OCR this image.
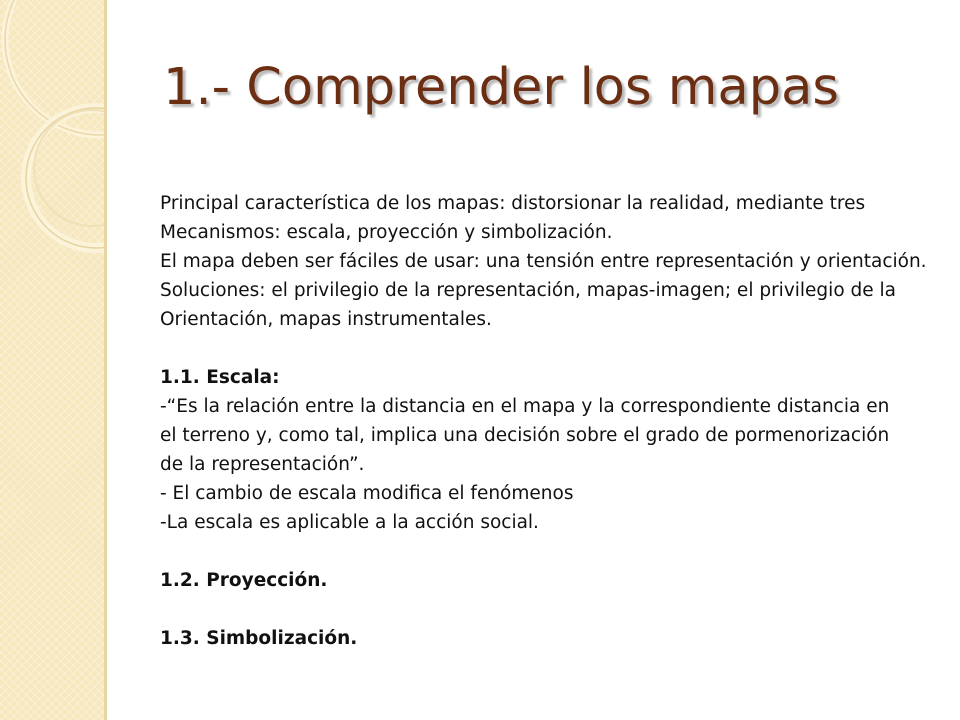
1.- Comprender los mapas
Principal característica de los mapas: distorsionar la realidad, mediante tres
Mecanismos: escala, proyección y simbolización.
El mapa deben ser fáciles de usar: una tensión entre representación y orientación.
Soluciones: el privilegio de la representación, mapas-imagen; el privilegio de la
Orientación, mapas instrumentales.
1.1. Escala:
-“Es la relación entre la distancia en el mapa y la correspondiente distancia en
el terreno y, como tal, implica una decisión sobre el grado de pormenorización
de la representación”.
- El cambio de escala modifica el fenómenos
-La escala es aplicable a la acción social.
1.2. Proyección.
1.3. Simbolización.
